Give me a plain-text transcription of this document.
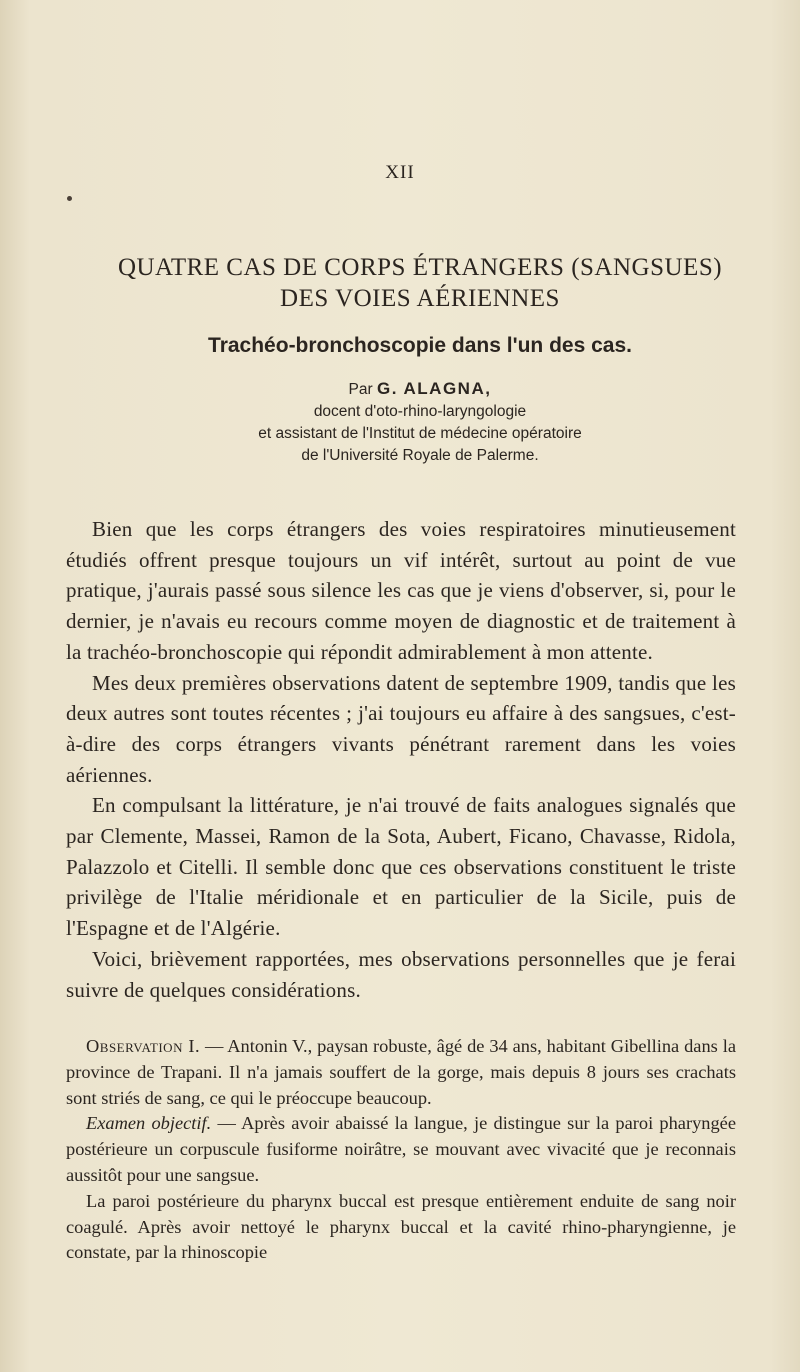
XII
QUATRE CAS DE CORPS ÉTRANGERS (SANGSUES)
DES VOIES AÉRIENNES
Trachéo-bronchoscopie dans l'un des cas.
Par G. ALAGNA,
docent d'oto-rhino-laryngologie
et assistant de l'Institut de médecine opératoire
de l'Université Royale de Palerme.

Bien que les corps étrangers des voies respiratoires minutieusement étudiés offrent presque toujours un vif intérêt, surtout au point de vue pratique, j'aurais passé sous silence les cas que je viens d'observer, si, pour le dernier, je n'avais eu recours comme moyen de diagnostic et de traitement à la trachéo-bronchoscopie qui répondit admirablement à mon attente.

Mes deux premières observations datent de septembre 1909, tandis que les deux autres sont toutes récentes ; j'ai toujours eu affaire à des sangsues, c'est-à-dire des corps étrangers vivants pénétrant rarement dans les voies aériennes.

En compulsant la littérature, je n'ai trouvé de faits analogues signalés que par Clemente, Massei, Ramon de la Sota, Aubert, Ficano, Chavasse, Ridola, Palazzolo et Citelli. Il semble donc que ces observations constituent le triste privilège de l'Italie méridionale et en particulier de la Sicile, puis de l'Espagne et de l'Algérie.

Voici, brièvement rapportées, mes observations personnelles que je ferai suivre de quelques considérations.

Observation I. — Antonin V., paysan robuste, âgé de 34 ans, habitant Gibellina dans la province de Trapani. Il n'a jamais souffert de la gorge, mais depuis 8 jours ses crachats sont striés de sang, ce qui le préoccupe beaucoup.

Examen objectif. — Après avoir abaissé la langue, je distingue sur la paroi pharyngée postérieure un corpuscule fusiforme noirâtre, se mouvant avec vivacité que je reconnais aussitôt pour une sangsue.

La paroi postérieure du pharynx buccal est presque entièrement enduite de sang noir coagulé. Après avoir nettoyé le pharynx buccal et la cavité rhino-pharyngienne, je constate, par la rhinoscopie
